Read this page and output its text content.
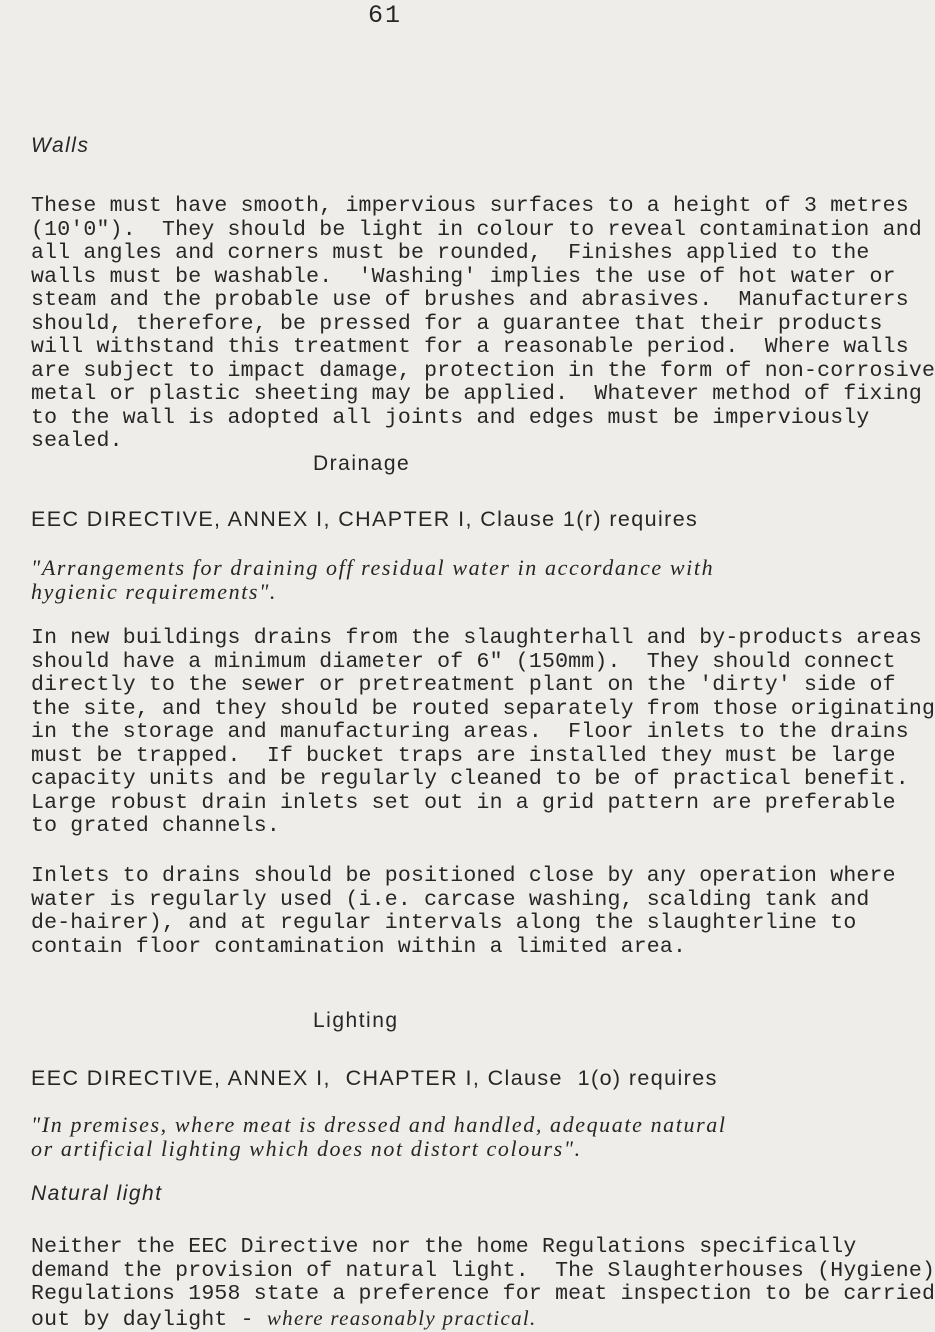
61
Walls

These must have smooth, impervious surfaces to a height of 3 metres
(10'0").  They should be light in colour to reveal contamination and
all angles and corners must be rounded,  Finishes applied to the
walls must be washable.  'Washing' implies the use of hot water or
steam and the probable use of brushes and abrasives.  Manufacturers
should, therefore, be pressed for a guarantee that their products
will withstand this treatment for a reasonable period.  Where walls
are subject to impact damage, protection in the form of non-corrosive
metal or plastic sheeting may be applied.  Whatever method of fixing
to the wall is adopted all joints and edges must be imperviously
sealed.

Drainage

EEC DIRECTIVE, ANNEX I, CHAPTER I, Clause 1(r) requires

"Arrangements for draining off residual water in accordance with
hygienic requirements".

In new buildings drains from the slaughterhall and by-products areas
should have a minimum diameter of 6" (150mm).  They should connect
directly to the sewer or pretreatment plant on the 'dirty' side of
the site, and they should be routed separately from those originating
in the storage and manufacturing areas.  Floor inlets to the drains
must be trapped.  If bucket traps are installed they must be large
capacity units and be regularly cleaned to be of practical benefit.
Large robust drain inlets set out in a grid pattern are preferable
to grated channels.

Inlets to drains should be positioned close by any operation where
water is regularly used (i.e. carcase washing, scalding tank and
de-hairer), and at regular intervals along the slaughterline to
contain floor contamination within a limited area.

Lighting

EEC DIRECTIVE, ANNEX I,  CHAPTER I, Clause  1(o) requires

"In premises, where meat is dressed and handled, adequate natural
or artificial lighting which does not distort colours".

Natural light

Neither the EEC Directive nor the home Regulations specifically
demand the provision of natural light.  The Slaughterhouses (Hygiene)
Regulations 1958 state a preference for meat inspection to be carried
out by daylight - where reasonably practical.
